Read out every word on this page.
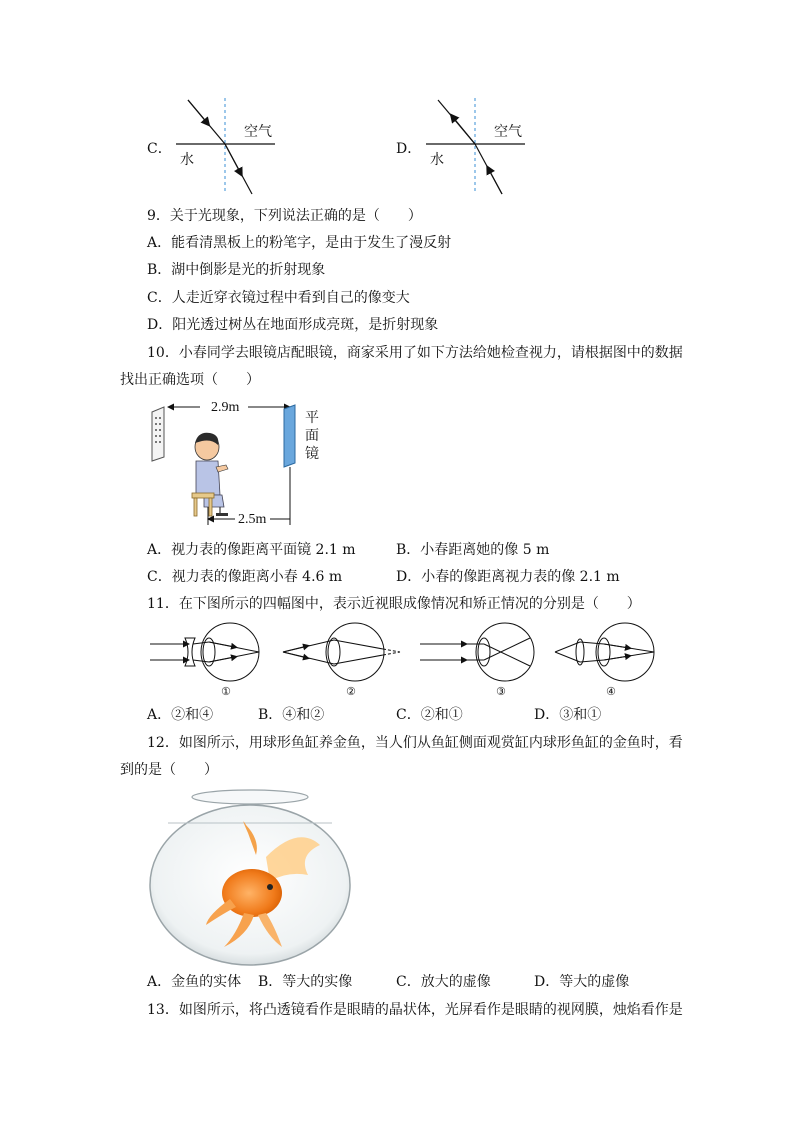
C．
空气
水
D．
空气
水
9．关于光现象，下列说法正确的是（　　）
A．能看清黑板上的粉笔字，是由于发生了漫反射
B．湖中倒影是光的折射现象
C．人走近穿衣镜过程中看到自己的像变大
D．阳光透过树丛在地面形成亮斑，是折射现象
10．小春同学去眼镜店配眼镜，商家采用了如下方法给她检查视力，请根据图中的数据
找出正确选项（　　）
2.9m
2.5m
平
面
镜
A．视力表的像距离平面镜 2.1 m	B．小春距离她的像 5 m
C．视力表的像距离小春 4.6 m	D．小春的像距离视力表的像 2.1 m
11．在下图所示的四幅图中，表示近视眼成像情况和矫正情况的分别是（　　）
①	②	③	④
A．②和④	B．④和②	C．②和①	D．③和①
12．如图所示，用球形鱼缸养金鱼，当人们从鱼缸侧面观赏缸内球形鱼缸的金鱼时，看
到的是（　　）
A．金鱼的实体 B．等大的实像	C．放大的虚像	D．等大的虚像
13．如图所示，将凸透镜看作是眼睛的晶状体，光屏看作是眼睛的视网膜，烛焰看作是
